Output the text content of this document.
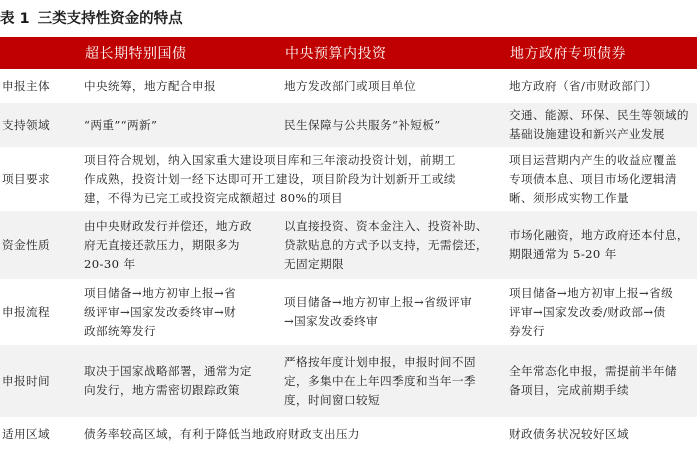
表 1 三类支持性资金的特点
	超长期特别国债	中央预算内投资	地方政府专项债券
申报主体	中央统筹，地方配合申报	地方发改部门或项目单位	地方政府（省/市财政部门）

支持领域	“两重”“两新”	民生保障与公共服务“补短板”	交通、能源、环保、民生等领域的
基础设施建设和新兴产业发展

项目要求	项目符合规划，纳入国家重大建设项目库和三年滚动投资计划，前期工
作成熟，投资计划一经下达即可开工建设，项目阶段为计划新开工或续
建，不得为已完工或投资完成额超过 80%的项目		项目运营期内产生的收益应覆盖
专项债本息、项目市场化逻辑清
晰、须形成实物工作量

资金性质	由中央财政发行并偿还，地方政
府无直接还款压力，期限多为
20-30 年	以直接投资、资本金注入、投资补助、
贷款贴息的方式予以支持，无需偿还，
无固定期限	市场化融资，地方政府还本付息，
期限通常为 5-20 年

申报流程	项目储备→地方初审上报→省
级评审→国家发改委终审→财
政部统筹发行	项目储备→地方初审上报→省级评审
→国家发改委终审	项目储备→地方初审上报→省级
评审→国家发改委/财政部→债
券发行

申报时间	取决于国家战略部署，通常为定
向发行，地方需密切跟踪政策	严格按年度计划申报，申报时间不固
定，多集中在上年四季度和当年一季
度，时间窗口较短	全年常态化申报，需提前半年储
备项目，完成前期手续

适用区域	债务率较高区域，有利于降低当地政府财政支出压力		财政债务状况较好区域
